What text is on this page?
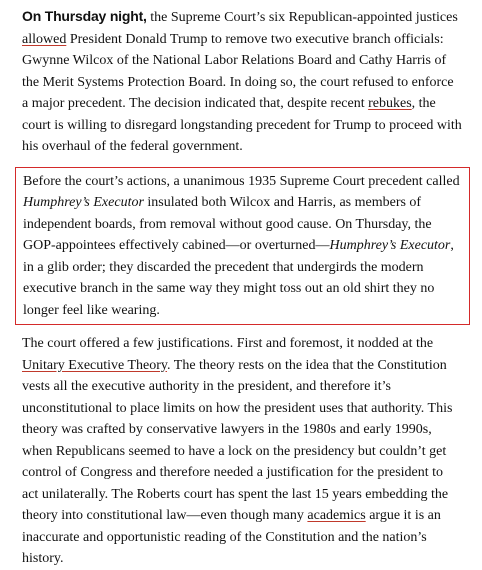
On Thursday night, the Supreme Court’s six Republican-appointed justices allowed President Donald Trump to remove two executive branch officials: Gwynne Wilcox of the National Labor Relations Board and Cathy Harris of the Merit Systems Protection Board. In doing so, the court refused to enforce a major precedent. The decision indicated that, despite recent rebukes, the court is willing to disregard longstanding precedent for Trump to proceed with his overhaul of the federal government.

Before the court’s actions, a unanimous 1935 Supreme Court precedent called Humphrey’s Executor insulated both Wilcox and Harris, as members of independent boards, from removal without good cause. On Thursday, the GOP-appointees effectively cabined—or overturned—Humphrey’s Executor, in a glib order; they discarded the precedent that undergirds the modern executive branch in the same way they might toss out an old shirt they no longer feel like wearing.

The court offered a few justifications. First and foremost, it nodded at the Unitary Executive Theory. The theory rests on the idea that the Constitution vests all the executive authority in the president, and therefore it’s unconstitutional to place limits on how the president uses that authority. This theory was crafted by conservative lawyers in the 1980s and early 1990s, when Republicans seemed to have a lock on the presidency but couldn’t get control of Congress and therefore needed a justification for the president to act unilaterally. The Roberts court has spent the last 15 years embedding the theory into constitutional law—even though many academics argue it is an inaccurate and opportunistic reading of the Constitution and the nation’s history.
